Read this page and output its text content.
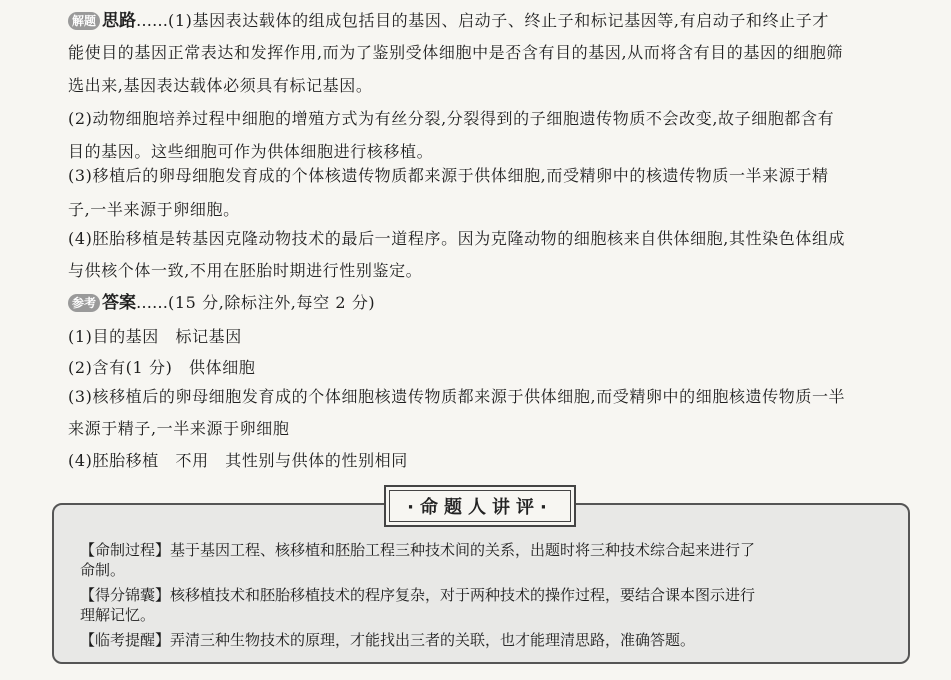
解题 思路……(1)基因表达载体的组成包括目的基因、启动子、终止子和标记基因等,有启动子和终止子才
能使目的基因正常表达和发挥作用,而为了鉴别受体细胞中是否含有目的基因,从而将含有目的基因的细胞筛
选出来,基因表达载体必须具有标记基因。
(2)动物细胞培养过程中细胞的增殖方式为有丝分裂,分裂得到的子细胞遗传物质不会改变,故子细胞都含有
目的基因。这些细胞可作为供体细胞进行核移植。
(3)移植后的卵母细胞发育成的个体核遗传物质都来源于供体细胞,而受精卵中的核遗传物质一半来源于精
子,一半来源于卵细胞。
(4)胚胎移植是转基因克隆动物技术的最后一道程序。因为克隆动物的细胞核来自供体细胞,其性染色体组成
与供核个体一致,不用在胚胎时期进行性别鉴定。
参考 答案……(15 分,除标注外,每空 2 分)
(1)目的基因　标记基因
(2)含有(1 分)　供体细胞
(3)核移植后的卵母细胞发育成的个体细胞核遗传物质都来源于供体细胞,而受精卵中的细胞核遗传物质一半
来源于精子,一半来源于卵细胞
(4)胚胎移植　不用　其性别与供体的性别相同
·命题人讲评·
【命制过程】基于基因工程、核移植和胚胎工程三种技术间的关系，出题时将三种技术综合起来进行了
命制。
【得分锦囊】核移植技术和胚胎移植技术的程序复杂，对于两种技术的操作过程，要结合课本图示进行
理解记忆。
【临考提醒】弄清三种生物技术的原理，才能找出三者的关联，也才能理清思路，准确答题。
